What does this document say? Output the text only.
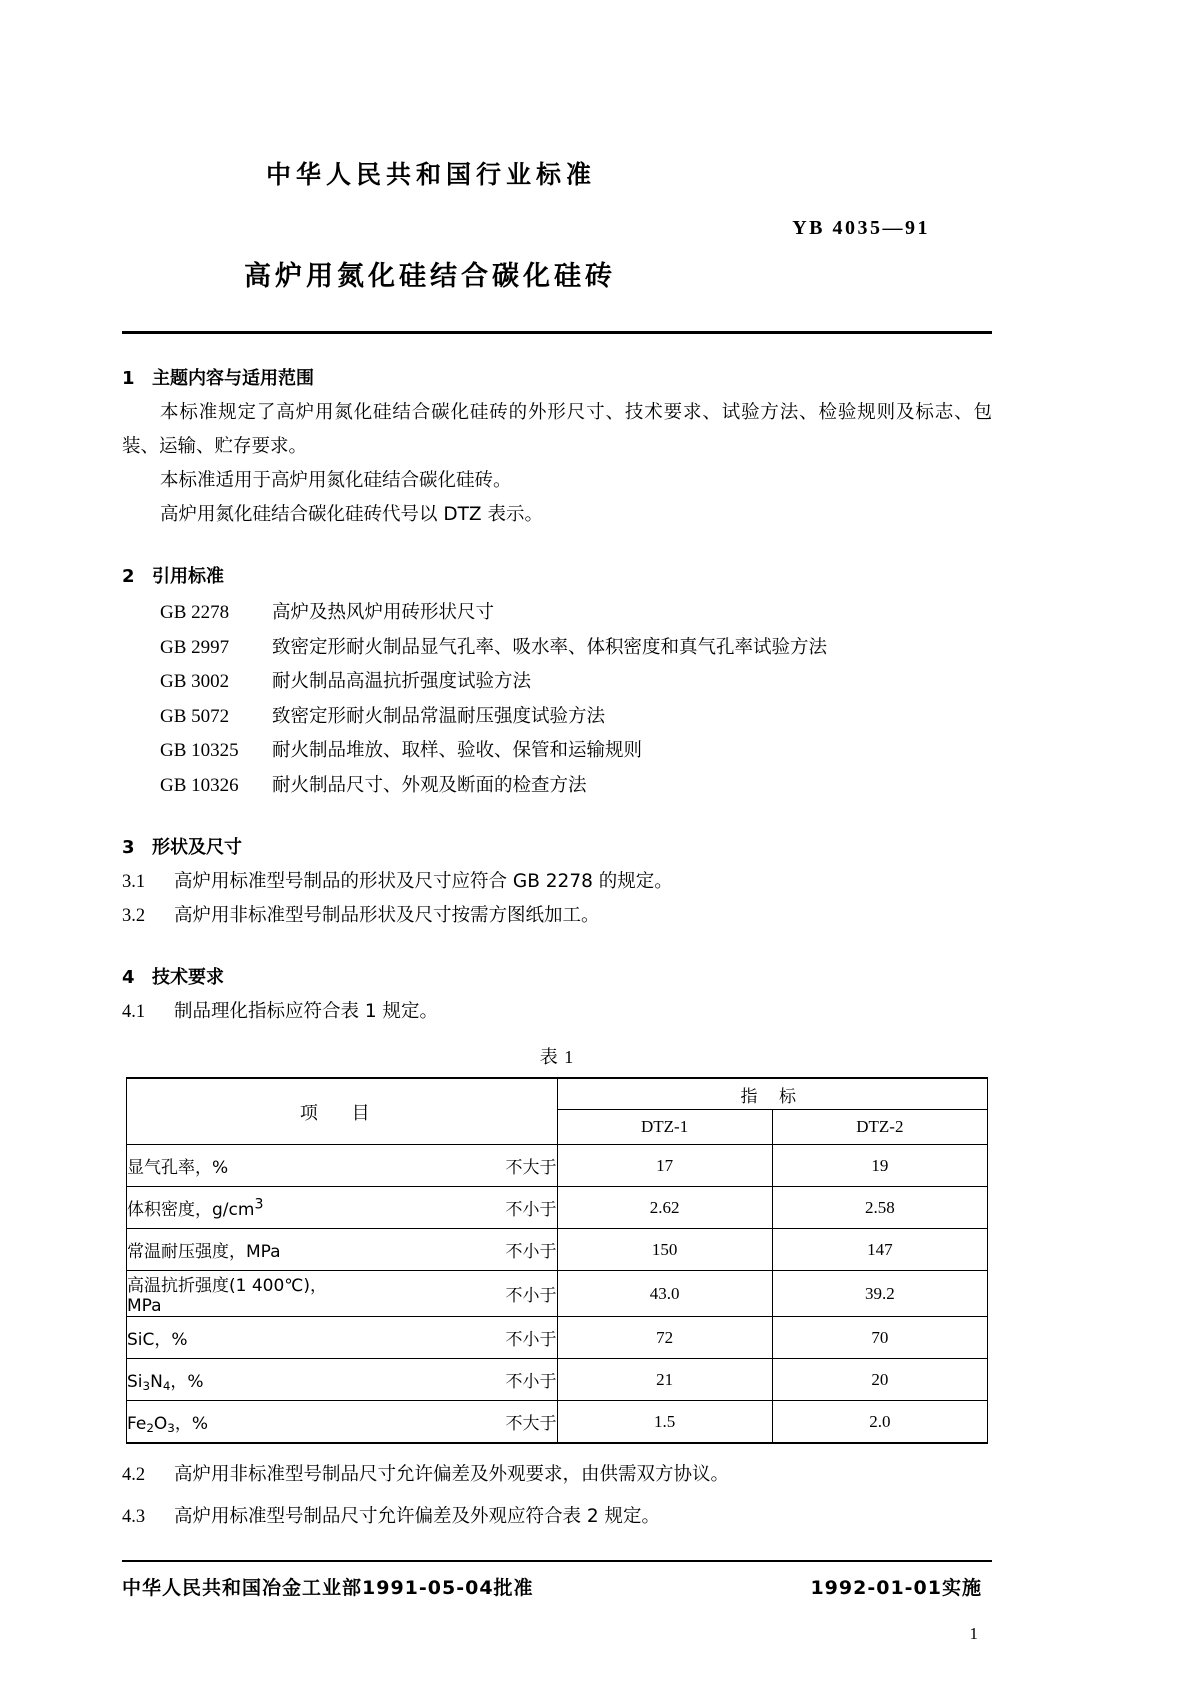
中华人民共和国行业标准
YB 4035—91
高炉用氮化硅结合碳化硅砖
1 主题内容与适用范围

本标准规定了高炉用氮化硅结合碳化硅砖的外形尺寸、技术要求、试验方法、检验规则及标志、包装、运输、贮存要求。

本标准适用于高炉用氮化硅结合碳化硅砖。

高炉用氮化硅结合碳化硅砖代号以 DTZ 表示。

2 引用标准
GB 2278	高炉及热风炉用砖形状尺寸
GB 2997	致密定形耐火制品显气孔率、吸水率、体积密度和真气孔率试验方法
GB 3002	耐火制品高温抗折强度试验方法
GB 5072	致密定形耐火制品常温耐压强度试验方法
GB 10325	耐火制品堆放、取样、验收、保管和运输规则
GB 10326	耐火制品尺寸、外观及断面的检查方法
3 形状及尺寸
3.1	高炉用标准型号制品的形状及尺寸应符合 GB 2278 的规定。
3.2	高炉用非标准型号制品形状及尺寸按需方图纸加工。
4 技术要求
4.1	制品理化指标应符合表 1 规定。
表 1
项 目		指 标	
		DTZ-1	DTZ-2
显气孔率，%	不大于	17	19
体积密度，$g/cm^3$	不小于	2.62	2.58
常温耐压强度，MPa	不小于	150	147
高温抗折强度(1 400℃)，MPa	不小于	43.0	39.2
SiC，%	不小于	72	70
$Si_3N_4$，%	不小于	21	20
$Fe_2O_3$，%	不大于	1.5	2.0
4.2	高炉用非标准型号制品尺寸允许偏差及外观要求，由供需双方协议。
4.3	高炉用标准型号制品尺寸允许偏差及外观应符合表 2 规定。
中华人民共和国冶金工业部1991-05-04批准	1992-01-01实施
1
